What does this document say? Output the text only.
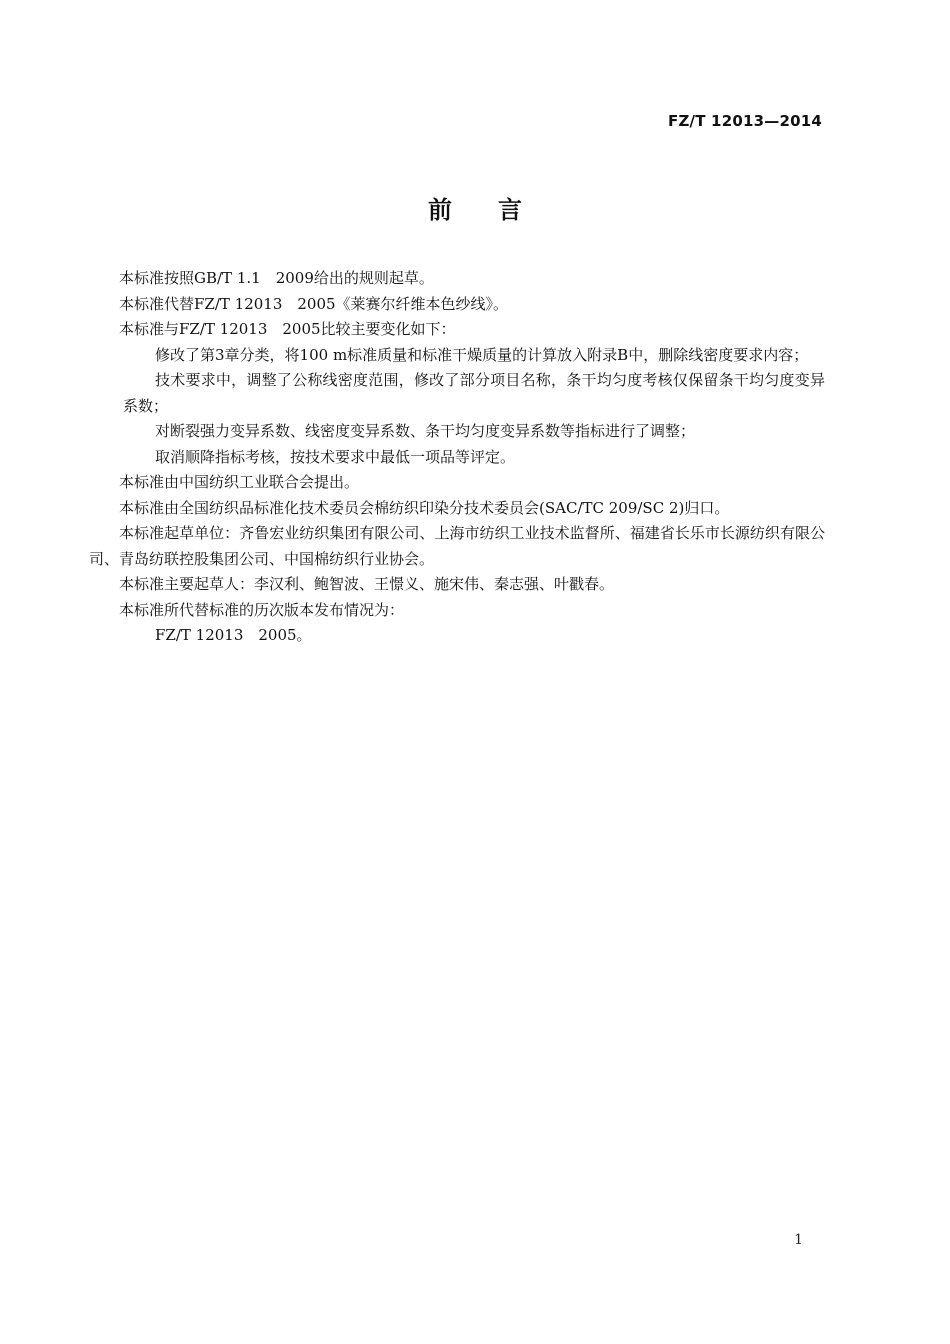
FZ/T 12013—2014
前 言

本标准按照GB/T 1.1　2009给出的规则起草。

本标准代替FZ/T 12013　2005《莱赛尔纤维本色纱线》。

本标准与FZ/T 12013　2005比较主要变化如下：

修改了第3章分类，将100 m标准质量和标准干燥质量的计算放入附录B中，删除线密度要求内容；

技术要求中，调整了公称线密度范围，修改了部分项目名称，条干均匀度考核仅保留条干均匀度变异系数；

对断裂强力变异系数、线密度变异系数、条干均匀度变异系数等指标进行了调整；

取消顺降指标考核，按技术要求中最低一项品等评定。

本标准由中国纺织工业联合会提出。

本标准由全国纺织品标准化技术委员会棉纺织印染分技术委员会(SAC/TC 209/SC 2)归口。

本标准起草单位：齐鲁宏业纺织集团有限公司、上海市纺织工业技术监督所、福建省长乐市长源纺织有限公司、青岛纺联控股集团公司、中国棉纺织行业协会。

本标准主要起草人：李汉利、鲍智波、王憬义、施宋伟、秦志强、叶戳春。

本标准所代替标准的历次版本发布情况为：

FZ/T 12013　2005。

1
